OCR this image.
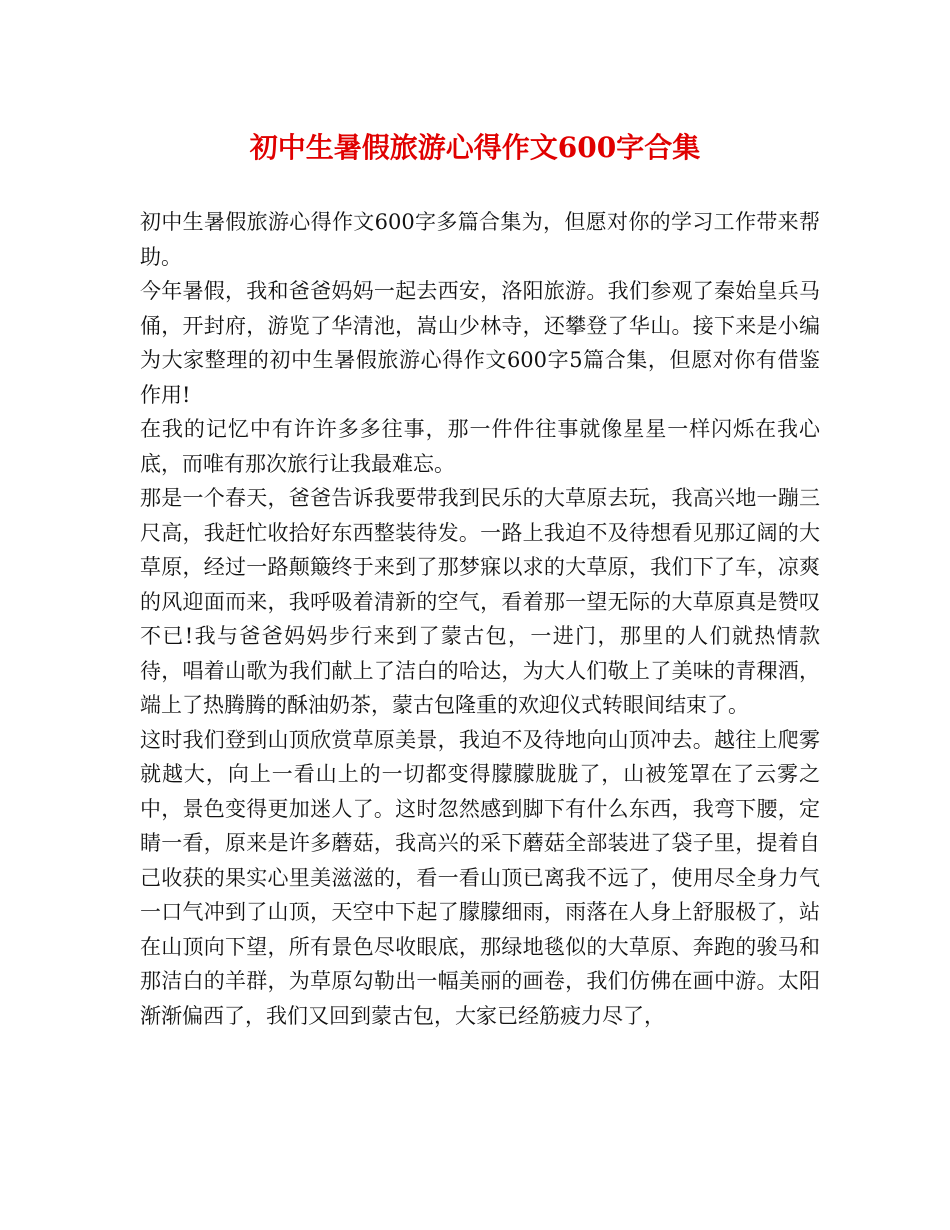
初中生暑假旅游心得作文600字合集

初中生暑假旅游心得作文600字多篇合集为，但愿对你的学习工作带来帮助。

今年暑假，我和爸爸妈妈一起去西安，洛阳旅游。我们参观了秦始皇兵马俑，开封府，游览了华清池，嵩山少林寺，还攀登了华山。接下来是小编为大家整理的初中生暑假旅游心得作文600字5篇合集，但愿对你有借鉴作用!

在我的记忆中有许许多多往事，那一件件往事就像星星一样闪烁在我心底，而唯有那次旅行让我最难忘。

那是一个春天，爸爸告诉我要带我到民乐的大草原去玩，我高兴地一蹦三尺高，我赶忙收拾好东西整装待发。一路上我迫不及待想看见那辽阔的大草原，经过一路颠簸终于来到了那梦寐以求的大草原，我们下了车，凉爽的风迎面而来，我呼吸着清新的空气，看着那一望无际的大草原真是赞叹不已!我与爸爸妈妈步行来到了蒙古包，一进门，那里的人们就热情款待，唱着山歌为我们献上了洁白的哈达，为大人们敬上了美味的青稞酒，端上了热腾腾的酥油奶茶，蒙古包隆重的欢迎仪式转眼间结束了。

这时我们登到山顶欣赏草原美景，我迫不及待地向山顶冲去。越往上爬雾就越大，向上一看山上的一切都变得朦朦胧胧了，山被笼罩在了云雾之中，景色变得更加迷人了。这时忽然感到脚下有什么东西，我弯下腰，定睛一看，原来是许多蘑菇，我高兴的采下蘑菇全部装进了袋子里，提着自己收获的果实心里美滋滋的，看一看山顶已离我不远了，使用尽全身力气一口气冲到了山顶，天空中下起了朦朦细雨，雨落在人身上舒服极了，站在山顶向下望，所有景色尽收眼底，那绿地毯似的大草原、奔跑的骏马和那洁白的羊群，为草原勾勒出一幅美丽的画卷，我们仿佛在画中游。太阳渐渐偏西了，我们又回到蒙古包，大家已经筋疲力尽了，
